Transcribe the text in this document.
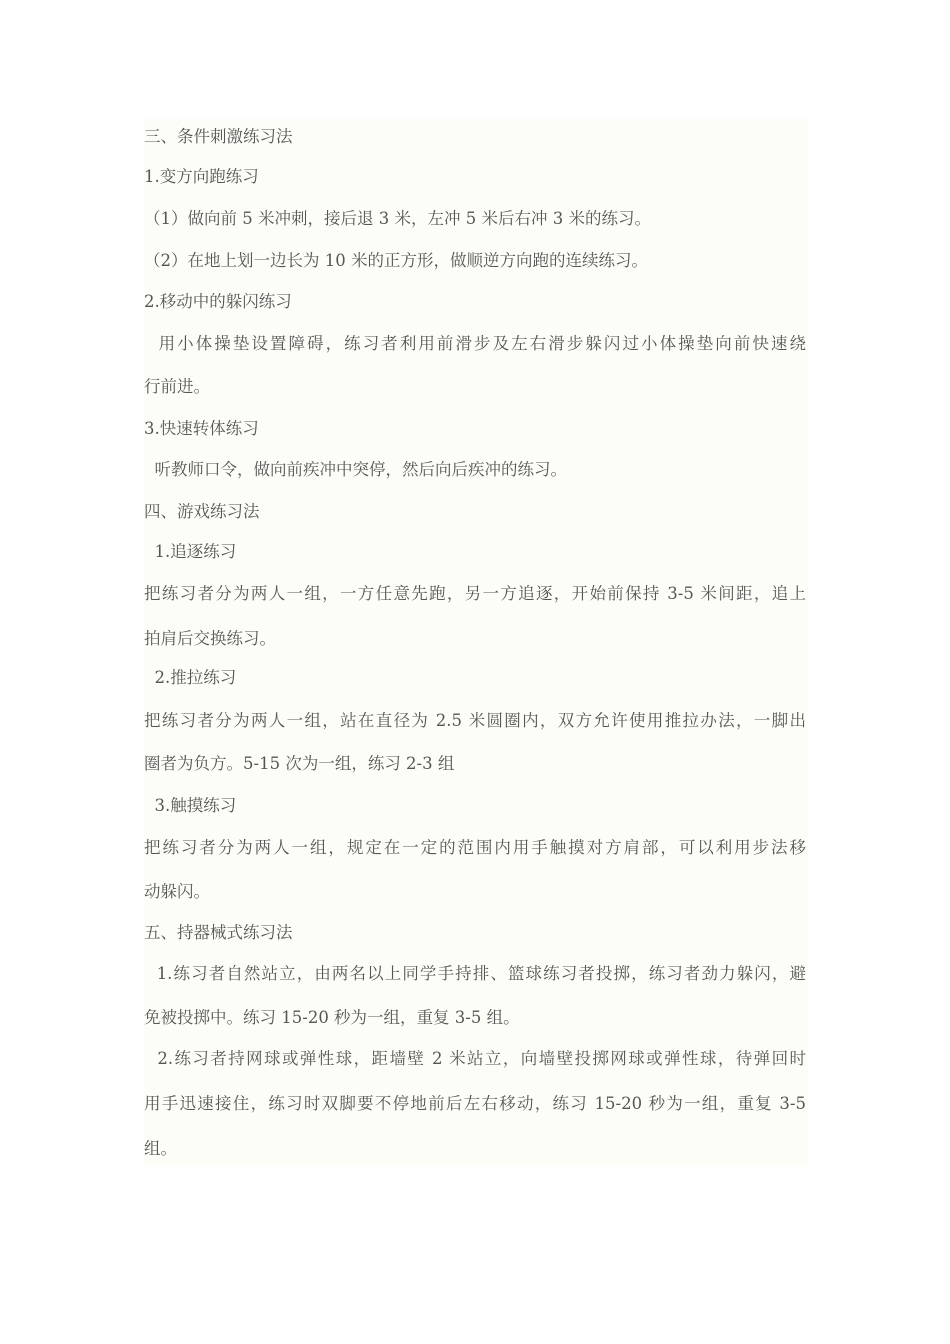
三、条件刺激练习法
1.变方向跑练习
（1）做向前 5 米冲刺，接后退 3 米，左冲 5 米后右冲 3 米的练习。
（2）在地上划一边长为 10 米的正方形，做顺逆方向跑的连续练习。
2.移动中的躲闪练习
用小体操垫设置障碍，练习者利用前滑步及左右滑步躲闪过小体操垫向前快速绕
行前进。
3.快速转体练习
听教师口令，做向前疾冲中突停，然后向后疾冲的练习。
四、游戏练习法
1.追逐练习
把练习者分为两人一组，一方任意先跑，另一方追逐，开始前保持 3-5 米间距，追上
拍肩后交换练习。
2.推拉练习
把练习者分为两人一组，站在直径为 2.5 米圆圈内，双方允许使用推拉办法，一脚出
圈者为负方。5-15 次为一组，练习 2-3 组
3.触摸练习
把练习者分为两人一组，规定在一定的范围内用手触摸对方肩部，可以利用步法移
动躲闪。
五、持器械式练习法
1.练习者自然站立，由两名以上同学手持排、篮球练习者投掷，练习者劲力躲闪，避
免被投掷中。练习 15-20 秒为一组，重复 3-5 组。
2.练习者持网球或弹性球，距墙壁 2 米站立，向墙壁投掷网球或弹性球，待弹回时
用手迅速接住，练习时双脚要不停地前后左右移动，练习 15-20 秒为一组，重复 3-5
组。
